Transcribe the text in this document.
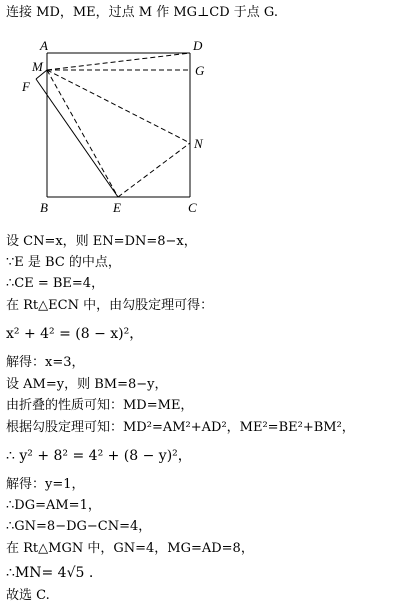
连接 MD，ME，过点 M 作 MG⊥CD 于点 G.
A	D
M	G
F
N
B	E	C
设 CN=x，则 EN=DN=8−x，
∵E 是 BC 的中点，
∴CE = BE=4，
在 Rt△ECN 中，由勾股定理可得：
x² + 4² = (8 − x)²，
解得：x=3，
设 AM=y，则 BM=8−y，
由折叠的性质可知：MD=ME，
根据勾股定理可知：MD²=AM²+AD²，ME²=BE²+BM²，
∴ y² + 8² = 4² + (8 − y)²，
解得：y=1，
∴DG=AM=1，
∴GN=8−DG−CN=4，
在 Rt△MGN 中，GN=4，MG=AD=8，
∴MN= 4√5 .
故选 C.
